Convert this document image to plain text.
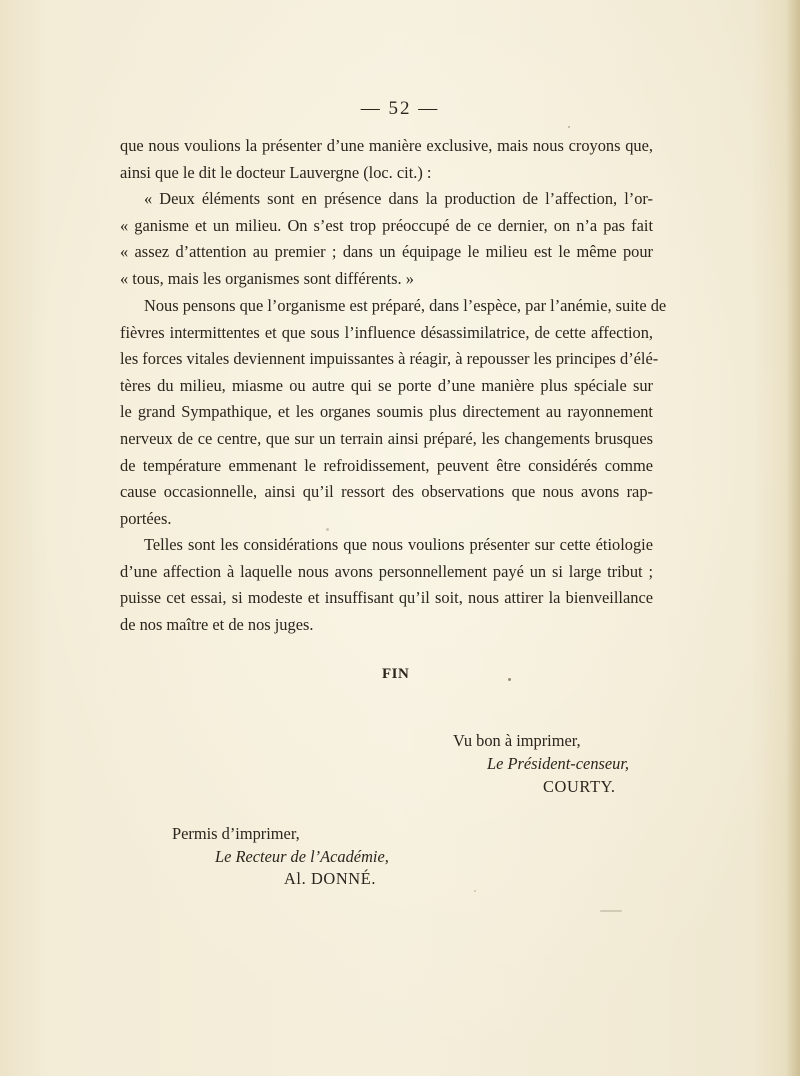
— 52 —
que nous voulions la présenter d’une manière exclusive, mais nous croyons que,
ainsi que le dit le docteur Lauvergne (loc. cit.) :
« Deux éléments sont en présence dans la production de l’affection, l’or-
« ganisme et un milieu. On s’est trop préoccupé de ce dernier, on n’a pas fait
« assez d’attention au premier ; dans un équipage le milieu est le même pour
« tous, mais les organismes sont différents. »
Nous pensons que l’organisme est préparé, dans l’espèce, par l’anémie, suite de
fièvres intermittentes et que sous l’influence désassimilatrice, de cette affection,
les forces vitales deviennent impuissantes à réagir, à repousser les principes d’élé-
tères du milieu, miasme ou autre qui se porte d’une manière plus spéciale sur
le grand Sympathique, et les organes soumis plus directement au rayonnement
nerveux de ce centre, que sur un terrain ainsi préparé, les changements brusques
de température emmenant le refroidissement, peuvent être considérés comme
cause occasionnelle, ainsi qu’il ressort des observations que nous avons rap-
portées.
Telles sont les considérations que nous voulions présenter sur cette étiologie
d’une affection à laquelle nous avons personnellement payé un si large tribut ;
puisse cet essai, si modeste et insuffisant qu’il soit, nous attirer la bienveillance
de nos maître et de nos juges.
FIN
Vu bon à imprimer,
Le Président-censeur,
COURTY.
Permis d’imprimer,
Le Recteur de l’Académie,
Al. DONNÉ.
